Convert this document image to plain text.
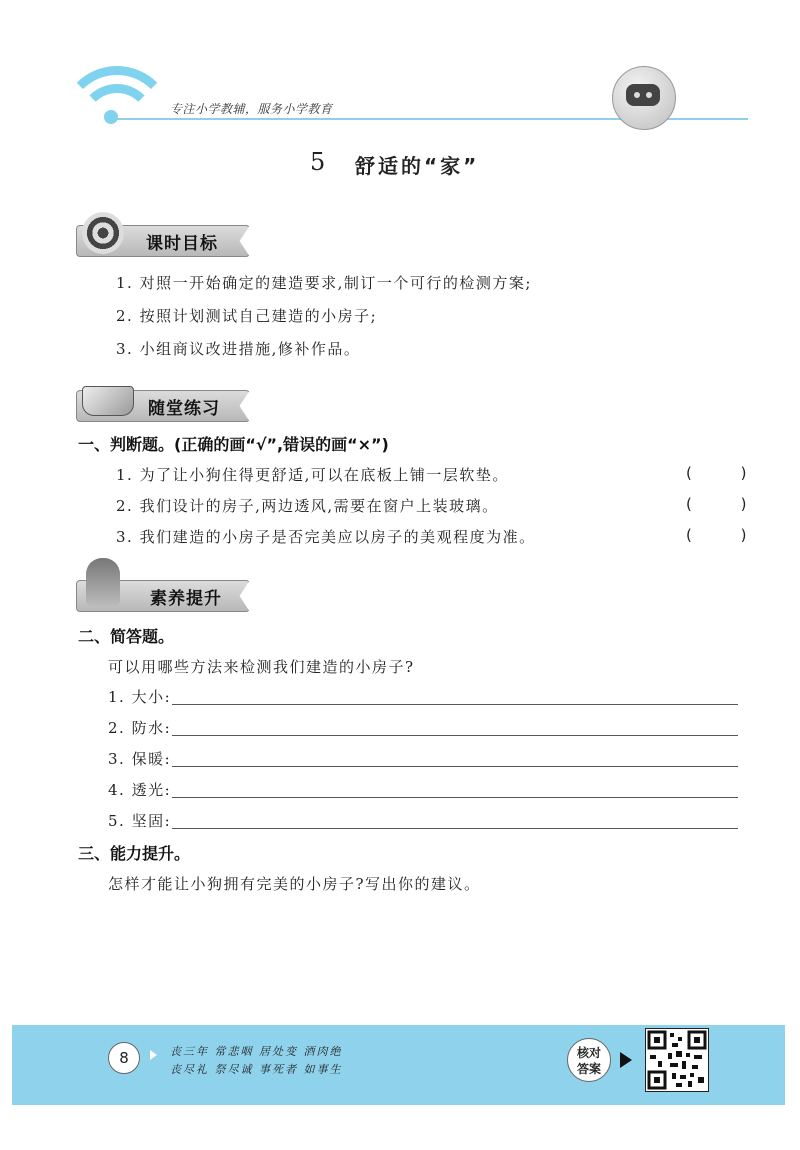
专注小学教辅，服务小学教育
5 舒适的“家”
课时目标
1. 对照一开始确定的建造要求,制订一个可行的检测方案;
2. 按照计划测试自己建造的小房子;
3. 小组商议改进措施,修补作品。
随堂练习
一、判断题。(正确的画“√”,错误的画“×”)
1. 为了让小狗住得更舒适,可以在底板上铺一层软垫。	( )
2. 我们设计的房子,两边透风,需要在窗户上装玻璃。	( )
3. 我们建造的小房子是否完美应以房子的美观程度为准。	( )
素养提升
二、简答题。
可以用哪些方法来检测我们建造的小房子?
1. 大小:
2. 防水:
3. 保暖:
4. 透光:
5. 坚固:
三、能力提升。
怎样才能让小狗拥有完美的小房子?写出你的建议。
8	丧三年 常悲咽 居处变 酒肉绝
丧尽礼 祭尽诚 事死者 如事生
核对
答案
